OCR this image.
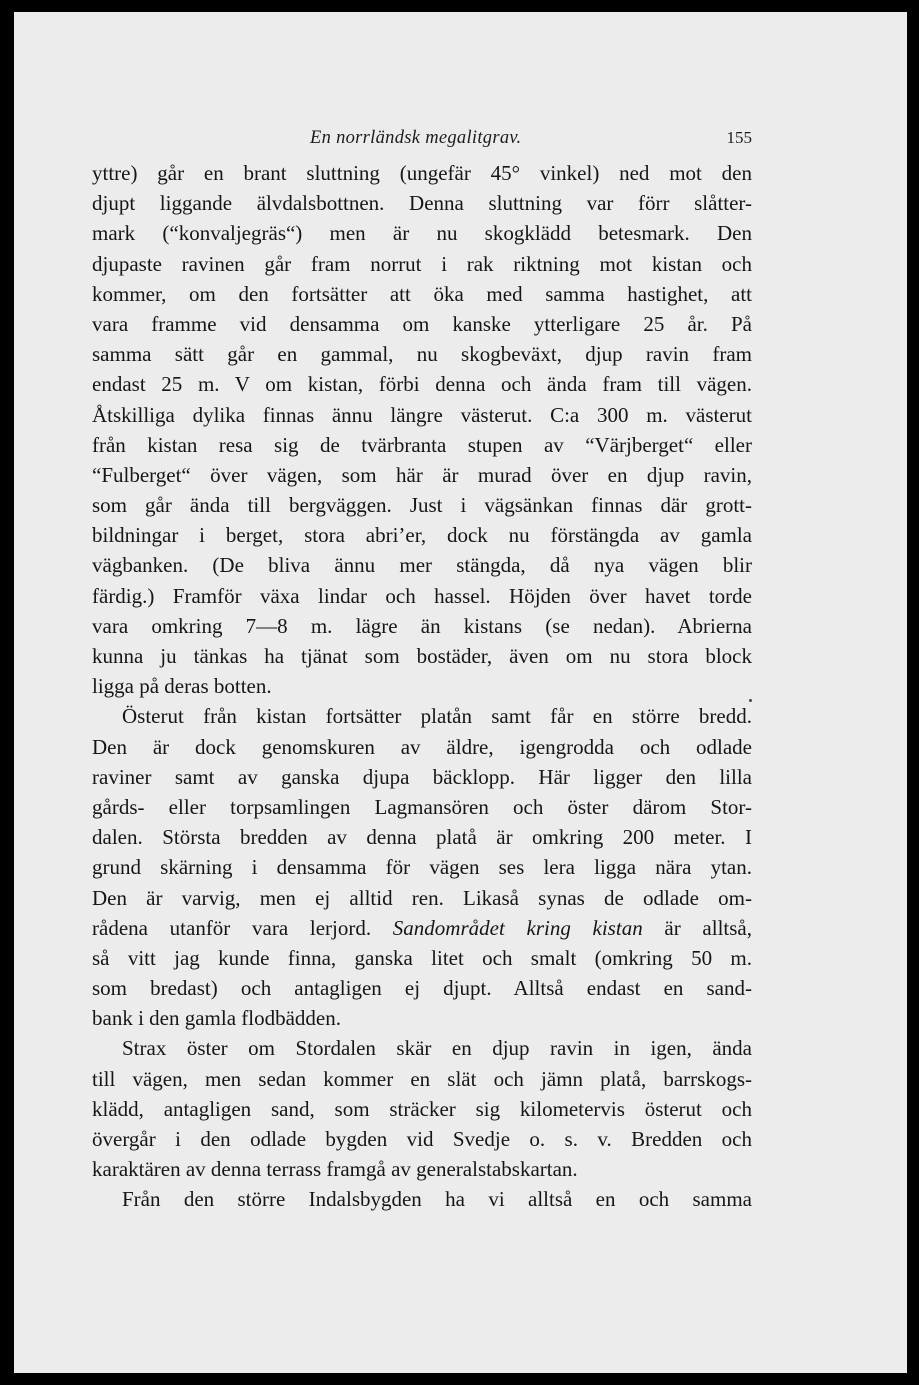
En norrländsk megalitgrav.	155
yttre) går en brant sluttning (ungefär 45° vinkel) ned mot den
djupt liggande älvdalsbottnen. Denna sluttning var förr slåtter-
mark (“konvaljegräs“) men är nu skogklädd betesmark. Den
djupaste ravinen går fram norrut i rak riktning mot kistan och
kommer, om den fortsätter att öka med samma hastighet, att
vara framme vid densamma om kanske ytterligare 25 år. På
samma sätt går en gammal, nu skogbeväxt, djup ravin fram
endast 25 m. V om kistan, förbi denna och ända fram till vägen.
Åtskilliga dylika finnas ännu längre västerut. C:a 300 m. västerut
från kistan resa sig de tvärbranta stupen av “Värjberget“ eller
“Fulberget“ över vägen, som här är murad över en djup ravin,
som går ända till bergväggen. Just i vägsänkan finnas där grott-
bildningar i berget, stora abri’er, dock nu förstängda av gamla
vägbanken. (De bliva ännu mer stängda, då nya vägen blir
färdig.) Framför växa lindar och hassel. Höjden över havet torde
vara omkring 7—8 m. lägre än kistans (se nedan). Abrierna
kunna ju tänkas ha tjänat som bostäder, även om nu stora block
ligga på deras botten.
Österut från kistan fortsätter platån samt får en större bredd.
Den är dock genomskuren av äldre, igengrodda och odlade
raviner samt av ganska djupa bäcklopp. Här ligger den lilla
gårds- eller torpsamlingen Lagmansören och öster därom Stor-
dalen. Största bredden av denna platå är omkring 200 meter. I
grund skärning i densamma för vägen ses lera ligga nära ytan.
Den är varvig, men ej alltid ren. Likaså synas de odlade om-
rådena utanför vara lerjord. Sandområdet kring kistan är alltså,
så vitt jag kunde finna, ganska litet och smalt (omkring 50 m.
som bredast) och antagligen ej djupt. Alltså endast en sand-
bank i den gamla flodbädden.
Strax öster om Stordalen skär en djup ravin in igen, ända
till vägen, men sedan kommer en slät och jämn platå, barrskogs-
klädd, antagligen sand, som sträcker sig kilometervis österut och
övergår i den odlade bygden vid Svedje o. s. v. Bredden och
karaktären av denna terrass framgå av generalstabskartan.
Från den större Indalsbygden ha vi alltså en och samma
